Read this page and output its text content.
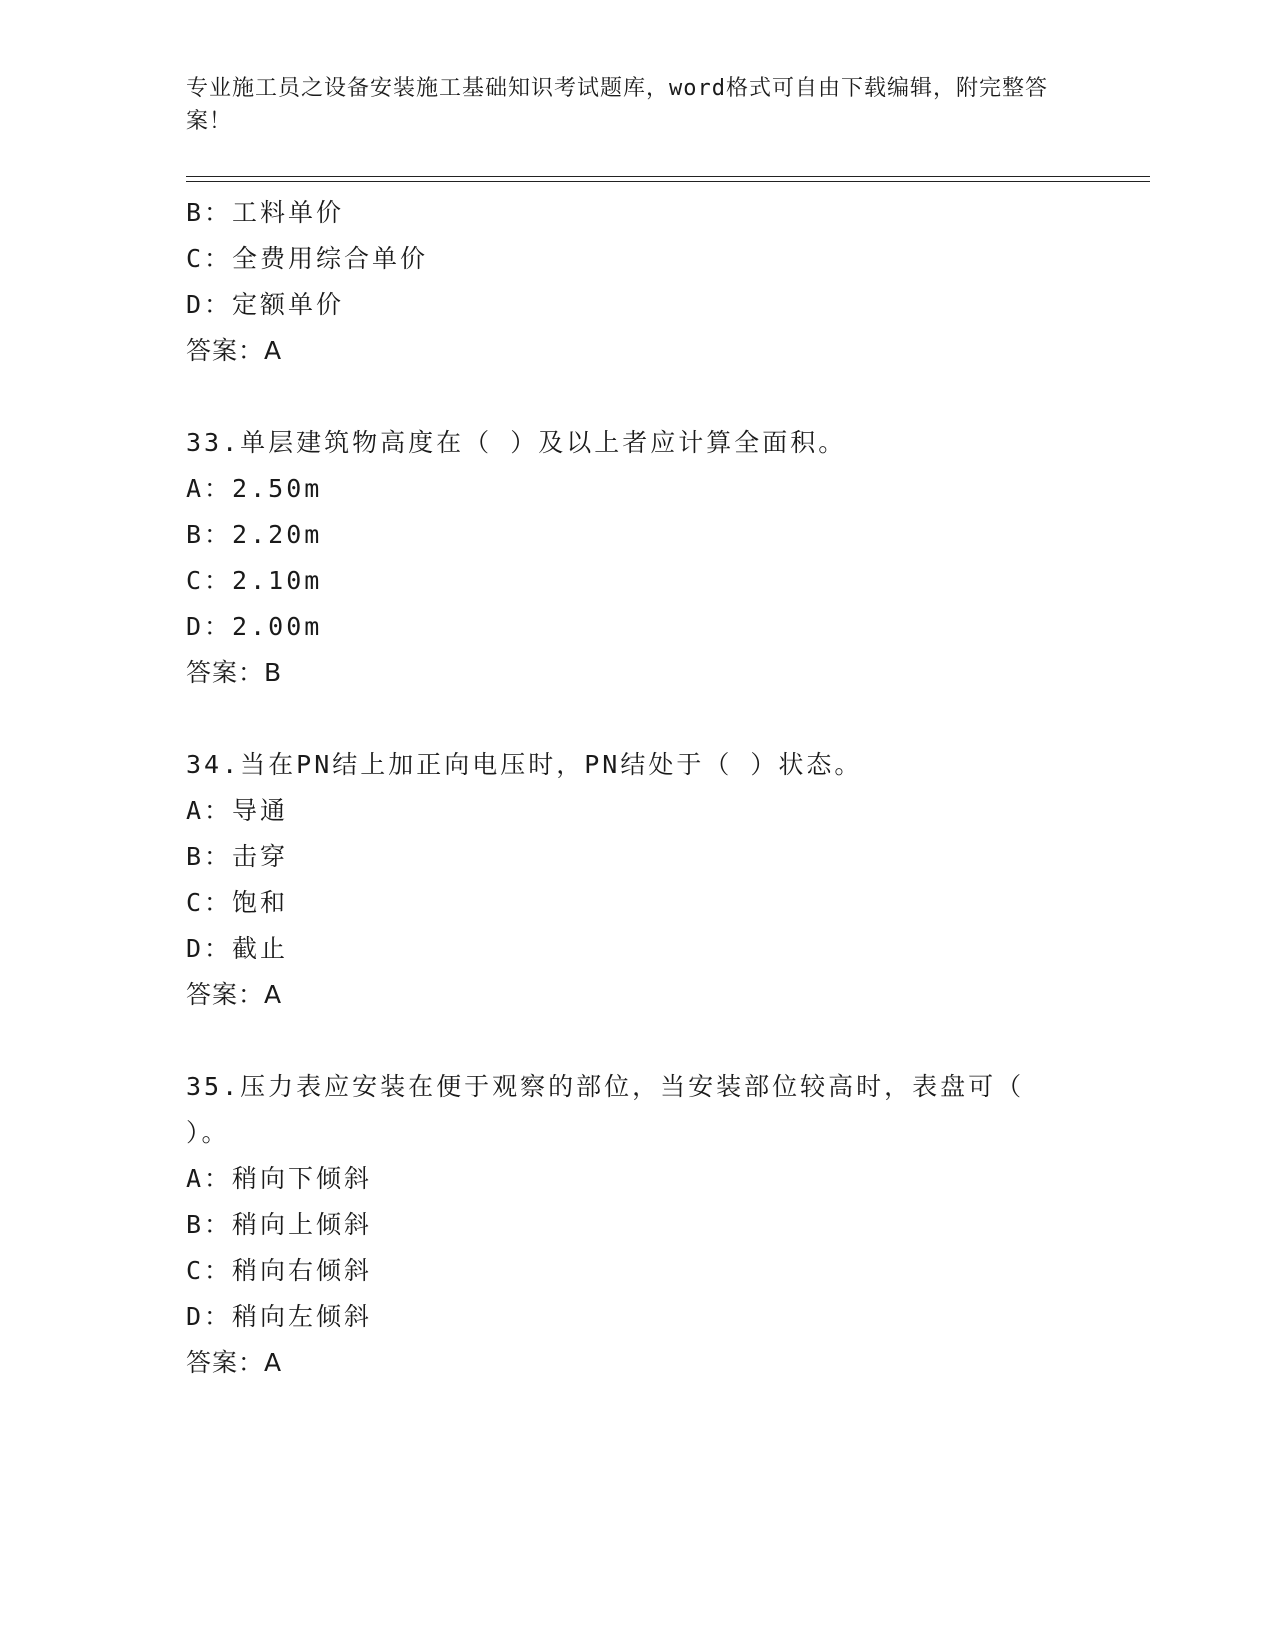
专业施工员之设备安装施工基础知识考试题库，word格式可自由下载编辑，附完整答案！
B：工料单价
C：全费用综合单价
D：定额单价
答案：A
33.单层建筑物高度在（ ）及以上者应计算全面积。
A：2.50m
B：2.20m
C：2.10m
D：2.00m
答案：B
34.当在PN结上加正向电压时，PN结处于（ ）状态。
A：导通
B：击穿
C：饱和
D：截止
答案：A
35.压力表应安装在便于观察的部位，当安装部位较高时，表盘可（ ）。
A：稍向下倾斜
B：稍向上倾斜
C：稍向右倾斜
D：稍向左倾斜
答案：A
